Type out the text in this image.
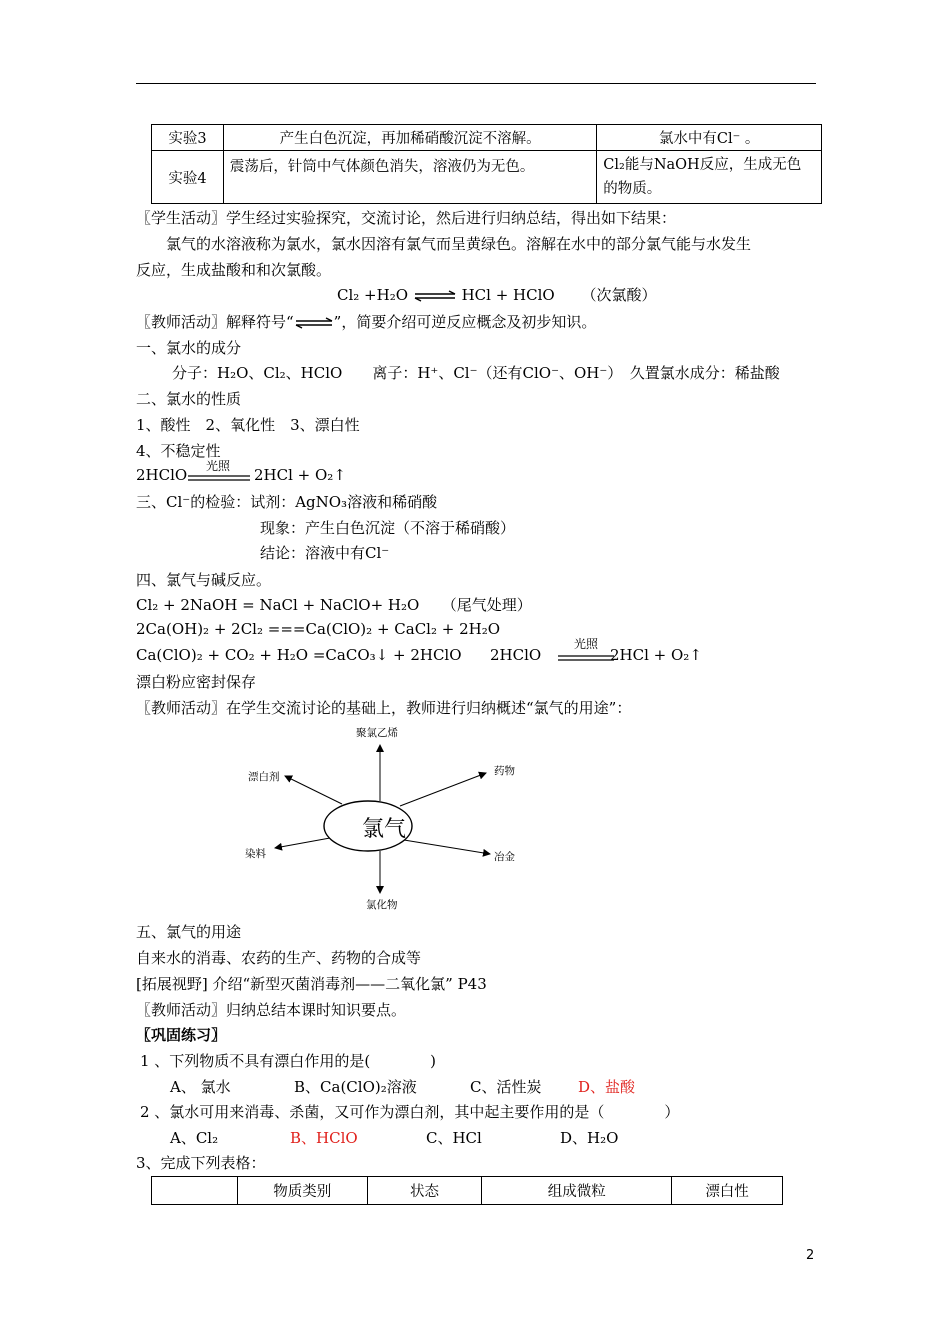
实验3	产生白色沉淀，再加稀硝酸沉淀不溶解。	氯水中有Cl⁻ 。
实验4	震荡后，针筒中气体颜色消失，溶液仍为无色。	Cl₂能与NaOH反应，生成无色的物质。
〖学生活动〗学生经过实验探究，交流讨论，然后进行归纳总结，得出如下结果：
氯气的水溶液称为氯水，氯水因溶有氯气而呈黄绿色。溶解在水中的部分氯气能与水发生
反应，生成盐酸和和次氯酸。
Cl₂ +H₂O ⇌ HCl + HClO （次氯酸）
〖教师活动〗解释符号“⇌”，简要介绍可逆反应概念及初步知识。
一、氯水的成分
分子：H₂O、Cl₂、HClO　　离子：H⁺、Cl⁻（还有ClO⁻、OH⁻）　久置氯水成分：稀盐酸
二、氯水的性质
1、酸性　2、氧化性　3、漂白性
4、不稳定性
2HClO 光照 2HCl + O₂↑
三、Cl⁻的检验：试剂：AgNO₃溶液和稀硝酸
现象：产生白色沉淀（不溶于稀硝酸）
结论：溶液中有Cl⁻
四、氯气与碱反应。
Cl₂ + 2NaOH = NaCl + NaClO+ H₂O　　（尾气处理）
2Ca(OH)₂ + 2Cl₂ ===Ca(ClO)₂ + CaCl₂ + 2H₂O
Ca(ClO)₂ + CO₂ + H₂O =CaCO₃↓ + 2HClO 2HClO
光照
2HCl + O₂↑
漂白粉应密封保存
〖教师活动〗在学生交流讨论的基础上，教师进行归纳概述“氯气的用途”：
氯气
聚氯乙烯
漂白剂	药物
染料	冶金
氯化物
五、氯气的用途
自来水的消毒、农药的生产、药物的合成等
[拓展视野] 介绍“新型灭菌消毒剂——二氧化氯” P43
〖教师活动〗归纳总结本课时知识要点。
〖巩固练习〗
1 、下列物质不具有漂白作用的是(　　　　)
A、 氯水	B、Ca(ClO)₂溶液	C、活性炭 D、盐酸
2 、氯水可用来消毒、杀菌，又可作为漂白剂，其中起主要作用的是（　　　　）
A、Cl₂	B、HClO	C、HCl	D、H₂O
3、完成下列表格：
	物质类别	状态	组成微粒	漂白性
2
